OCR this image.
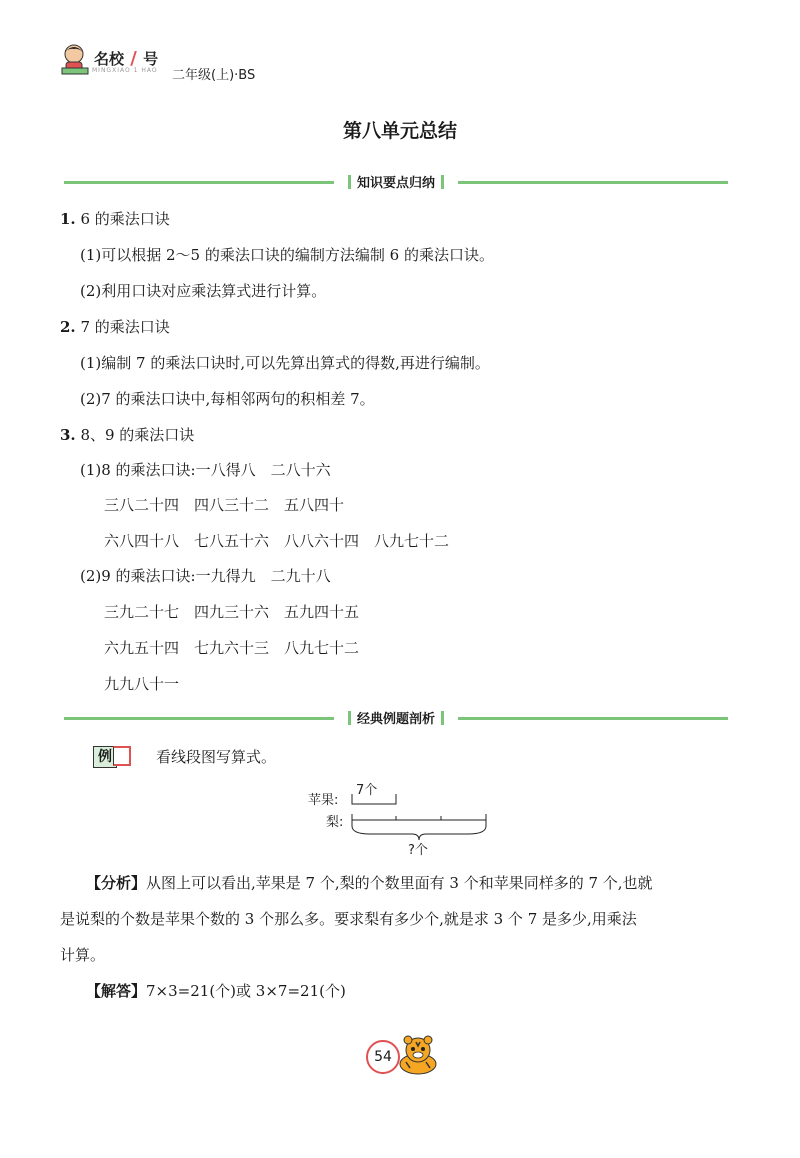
名校 / 号
MINGXIAO 1 HAO 二年级(上)·BS
第八单元总结
知识要点归纳
1. 6 的乘法口诀
(1)可以根据 2～5 的乘法口诀的编制方法编制 6 的乘法口诀。
(2)利用口诀对应乘法算式进行计算。
2. 7 的乘法口诀
(1)编制 7 的乘法口诀时,可以先算出算式的得数,再进行编制。
(2)7 的乘法口诀中,每相邻两句的积相差 7。
3. 8、9 的乘法口诀
(1)8 的乘法口诀:一八得八　二八十六
三八二十四　四八三十二　五八四十
六八四十八　七八五十六　八八六十四　八九七十二
(2)9 的乘法口诀:一九得九　二九十八
三九二十七　四九三十六　五九四十五
六九五十四　七九六十三　八九七十二
九九八十一
经典例题剖析
例	看线段图写算式。
苹果:
7个
梨:
?个
【分析】从图上可以看出,苹果是 7 个,梨的个数里面有 3 个和苹果同样多的 7 个,也就
是说梨的个数是苹果个数的 3 个那么多。要求梨有多少个,就是求 3 个 7 是多少,用乘法
计算。
【解答】7×3=21(个)或 3×7=21(个)
54
